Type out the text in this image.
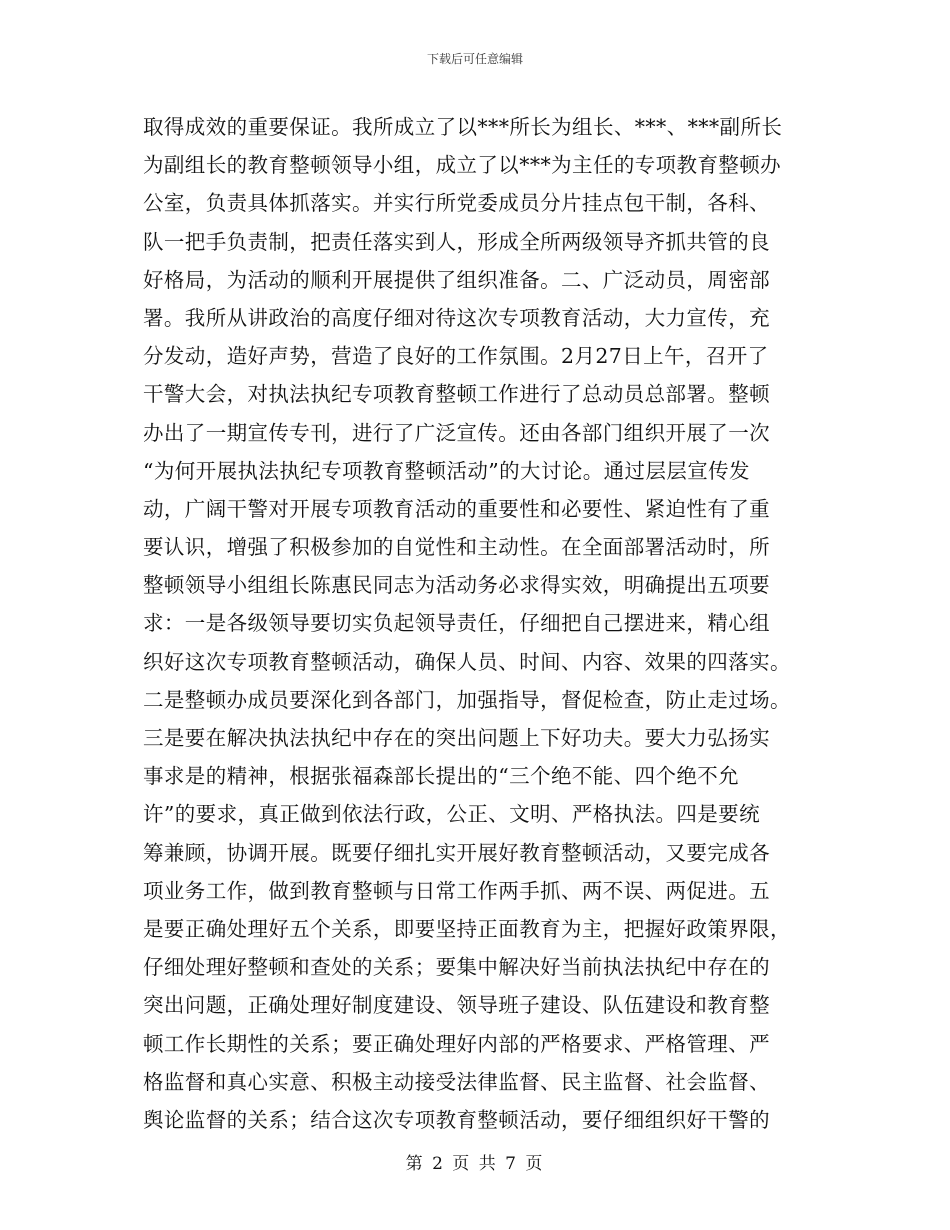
下载后可任意编辑
取得成效的重要保证。我所成立了以***所长为组长、***、***副所长
为副组长的教育整顿领导小组，成立了以***为主任的专项教育整顿办
公室，负责具体抓落实。并实行所党委成员分片挂点包干制，各科、
队一把手负责制，把责任落实到人，形成全所两级领导齐抓共管的良
好格局，为活动的顺利开展提供了组织准备。二、广泛动员，周密部
署。我所从讲政治的高度仔细对待这次专项教育活动，大力宣传，充
分发动，造好声势，营造了良好的工作氛围。2月27日上午，召开了
干警大会，对执法执纪专项教育整顿工作进行了总动员总部署。整顿
办出了一期宣传专刊，进行了广泛宣传。还由各部门组织开展了一次
“为何开展执法执纪专项教育整顿活动”的大讨论。通过层层宣传发
动，广阔干警对开展专项教育活动的重要性和必要性、紧迫性有了重
要认识，增强了积极参加的自觉性和主动性。在全面部署活动时，所
整顿领导小组组长陈惠民同志为活动务必求得实效，明确提出五项要
求：一是各级领导要切实负起领导责任，仔细把自己摆进来，精心组
织好这次专项教育整顿活动，确保人员、时间、内容、效果的四落实。
二是整顿办成员要深化到各部门，加强指导，督促检查，防止走过场。
三是要在解决执法执纪中存在的突出问题上下好功夫。要大力弘扬实
事求是的精神，根据张福森部长提出的“三个绝不能、四个绝不允
许”的要求，真正做到依法行政，公正、文明、严格执法。四是要统
筹兼顾，协调开展。既要仔细扎实开展好教育整顿活动，又要完成各
项业务工作，做到教育整顿与日常工作两手抓、两不误、两促进。五
是要正确处理好五个关系，即要坚持正面教育为主，把握好政策界限，
仔细处理好整顿和查处的关系；要集中解决好当前执法执纪中存在的
突出问题，正确处理好制度建设、领导班子建设、队伍建设和教育整
顿工作长期性的关系；要正确处理好内部的严格要求、严格管理、严
格监督和真心实意、积极主动接受法律监督、民主监督、社会监督、
舆论监督的关系；结合这次专项教育整顿活动，要仔细组织好干警的
第 2 页 共 7 页
